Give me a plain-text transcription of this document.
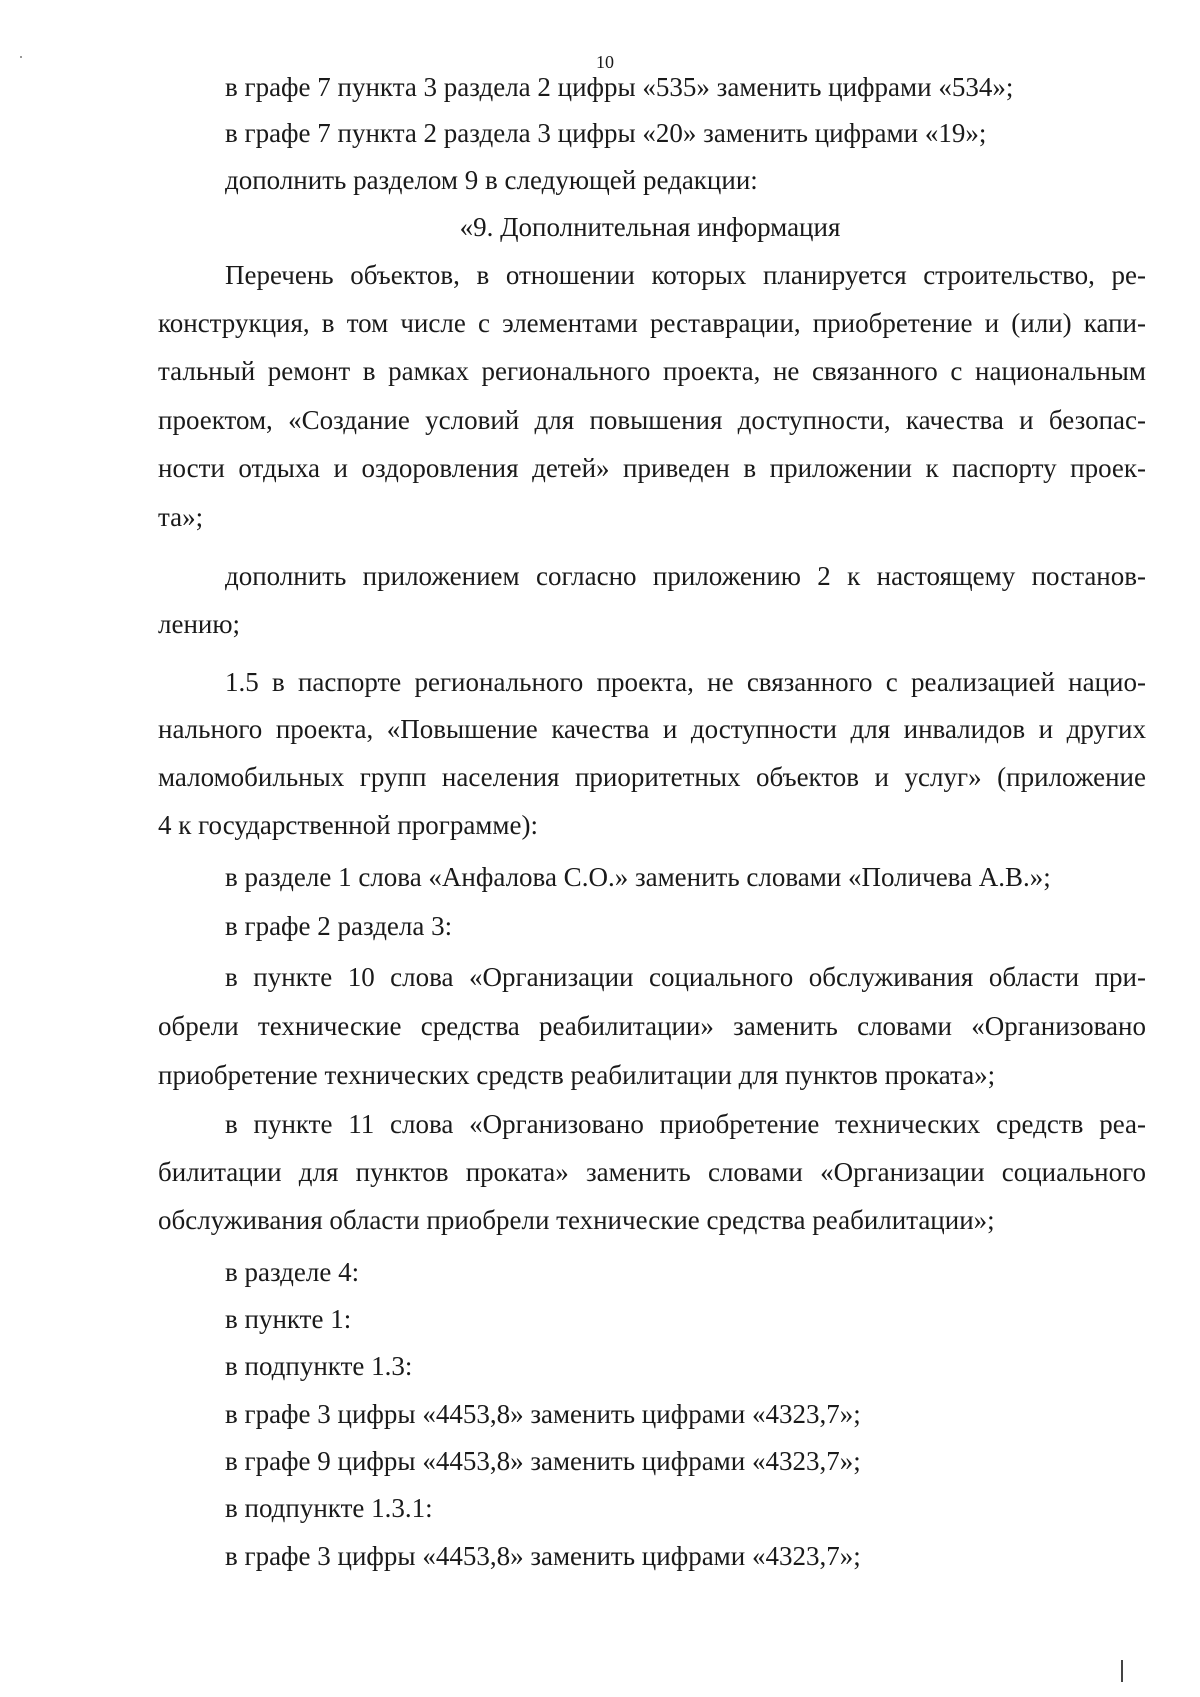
10
в графе 7 пункта 3 раздела 2 цифры «535» заменить цифрами «534»;
в графе 7 пункта 2 раздела 3 цифры «20» заменить цифрами «19»;
дополнить разделом 9 в следующей редакции:
«9. Дополнительная информация
Перечень объектов, в отношении которых планируется строительство, ре-
конструкция, в том числе с элементами реставрации, приобретение и (или) капи-
тальный ремонт в рамках регионального проекта, не связанного с национальным
проектом, «Создание условий для повышения доступности, качества и безопас-
ности отдыха и оздоровления детей» приведен в приложении к паспорту проек-
та»;
дополнить приложением согласно приложению 2 к настоящему постанов-
лению;
1.5 в паспорте регионального проекта, не связанного с реализацией нацио-
нального проекта, «Повышение качества и доступности для инвалидов и других
маломобильных групп населения приоритетных объектов и услуг» (приложение
4 к государственной программе):
в разделе 1 слова «Анфалова С.О.» заменить словами «Поличева А.В.»;
в графе 2 раздела 3:
в пункте 10 слова «Организации социального обслуживания области при-
обрели технические средства реабилитации» заменить словами «Организовано
приобретение технических средств реабилитации для пунктов проката»;
в пункте 11 слова «Организовано приобретение технических средств реа-
билитации для пунктов проката» заменить словами «Организации социального
обслуживания области приобрели технические средства реабилитации»;
в разделе 4:
в пункте 1:
в подпункте 1.3:
в графе 3 цифры «4453,8» заменить цифрами «4323,7»;
в графе 9 цифры «4453,8» заменить цифрами «4323,7»;
в подпункте 1.3.1:
в графе 3 цифры «4453,8» заменить цифрами «4323,7»;
